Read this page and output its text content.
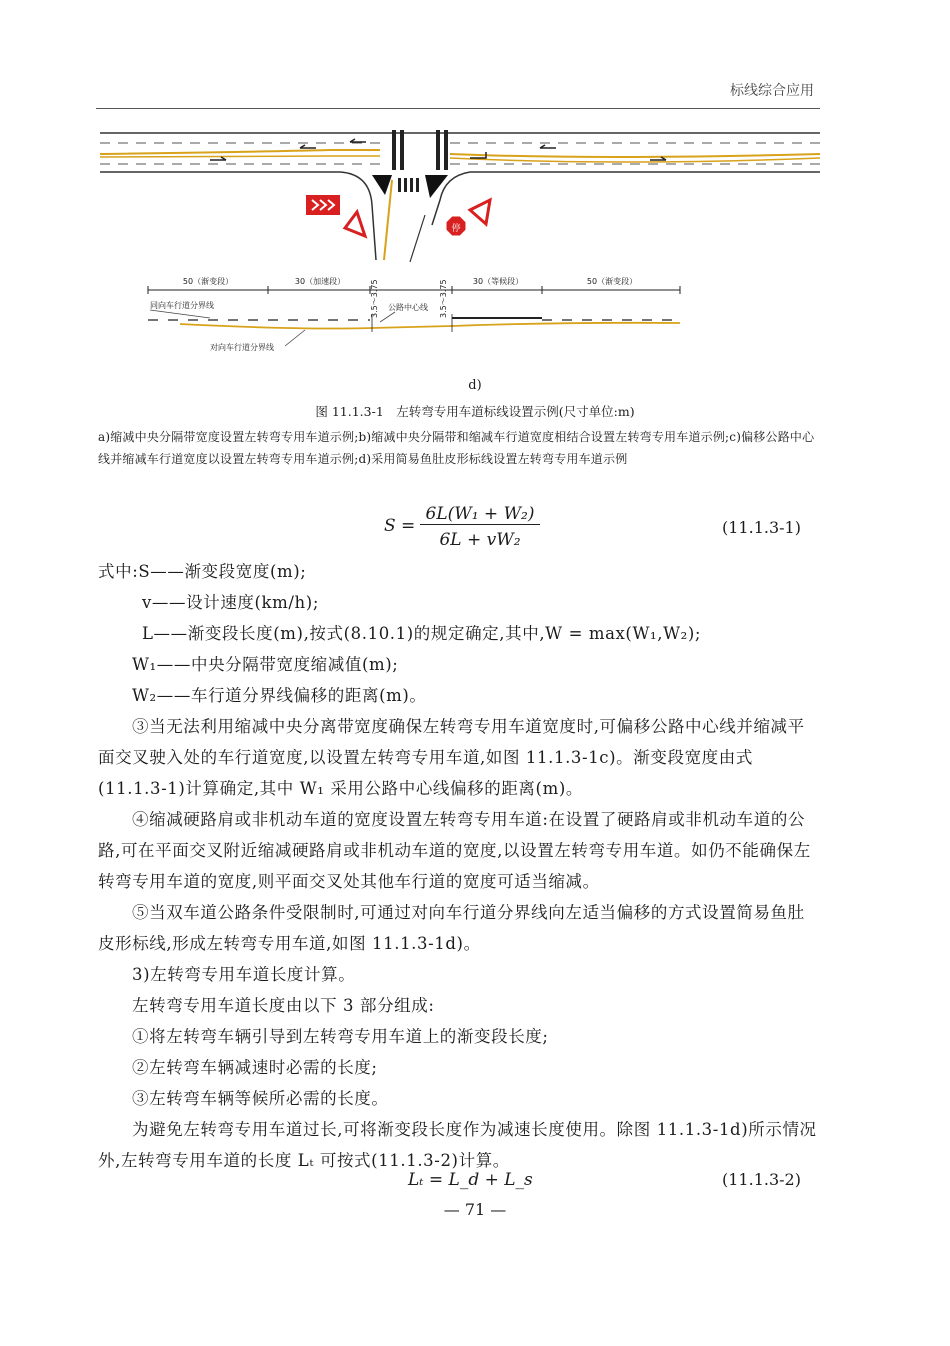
标线综合应用
停
50（渐变段）	30（加速段）	30（等候段）	50（渐变段）
3.5～3.75	3.5～3.75
同向车行道分界线	公路中心线
对向车行道分界线
d)
图 11.1.3-1　左转弯专用车道标线设置示例(尺寸单位:m)
a)缩减中央分隔带宽度设置左转弯专用车道示例;b)缩减中央分隔带和缩减车行道宽度相结合设置左转弯专用车道示例;c)偏移公路中心线并缩减车行道宽度以设置左转弯专用车道示例;d)采用简易鱼肚皮形标线设置左转弯专用车道示例
S =
6L(W₁ + W₂)
6L + vW₂
(11.1.3-1)

式中:S——渐变段宽度(m);

v——设计速度(km/h);

L——渐变段长度(m),按式(8.10.1)的规定确定,其中,W = max(W₁,W₂);

W₁——中央分隔带宽度缩减值(m);

W₂——车行道分界线偏移的距离(m)。

③当无法利用缩减中央分离带宽度确保左转弯专用车道宽度时,可偏移公路中心线并缩减平面交叉驶入处的车行道宽度,以设置左转弯专用车道,如图 11.1.3-1c)。渐变段宽度由式(11.1.3-1)计算确定,其中 W₁ 采用公路中心线偏移的距离(m)。

④缩减硬路肩或非机动车道的宽度设置左转弯专用车道:在设置了硬路肩或非机动车道的公路,可在平面交叉附近缩减硬路肩或非机动车道的宽度,以设置左转弯专用车道。如仍不能确保左转弯专用车道的宽度,则平面交叉处其他车行道的宽度可适当缩减。

⑤当双车道公路条件受限制时,可通过对向车行道分界线向左适当偏移的方式设置简易鱼肚皮形标线,形成左转弯专用车道,如图 11.1.3-1d)。

3)左转弯专用车道长度计算。

左转弯专用车道长度由以下 3 部分组成:

①将左转弯车辆引导到左转弯专用车道上的渐变段长度;

②左转弯车辆减速时必需的长度;

③左转弯车辆等候所必需的长度。

为避免左转弯专用车道过长,可将渐变段长度作为减速长度使用。除图 11.1.3-1d)所示情况外,左转弯专用车道的长度 Lₜ 可按式(11.1.3-2)计算。

Lₜ = L_d + L_s	(11.1.3-2)
— 71 —
